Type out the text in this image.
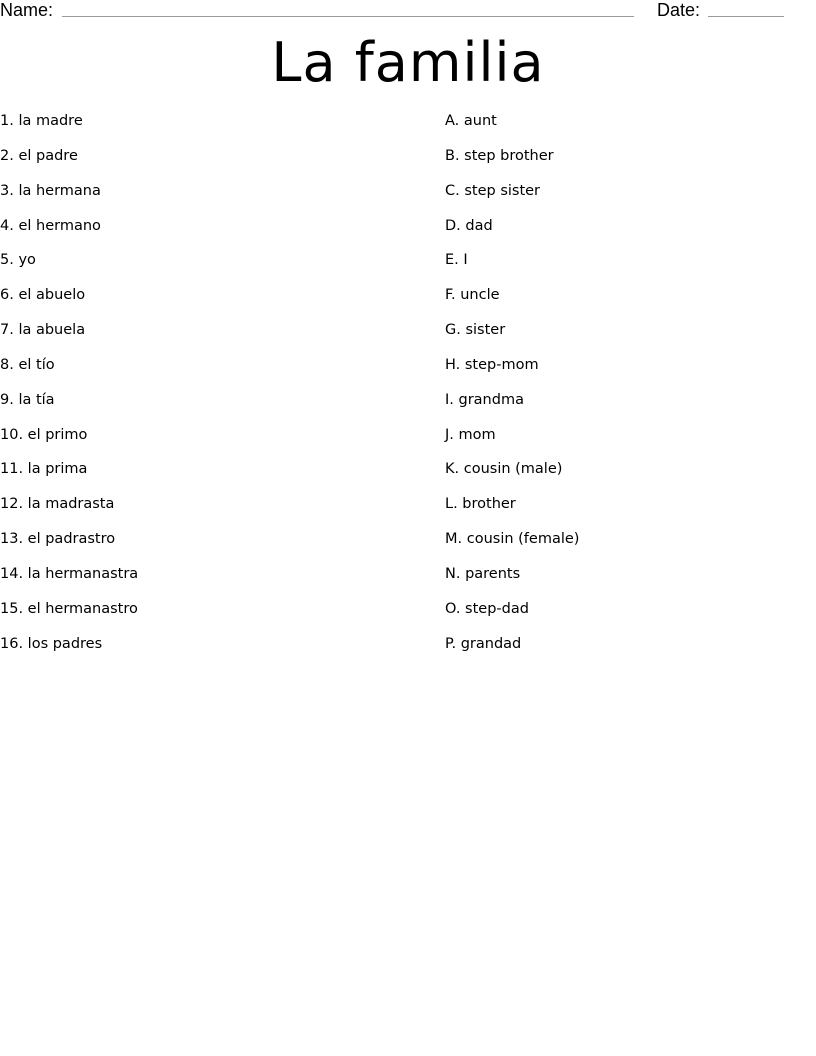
Name:	Date:
La familia
1. la madre
2. el padre
3. la hermana
4. el hermano
5. yo
6. el abuelo
7. la abuela
8. el tío
9. la tía
10. el primo
11. la prima
12. la madrasta
13. el padrastro
14. la hermanastra
15. el hermanastro
16. los padres
A. aunt
B. step brother
C. step sister
D. dad
E. I
F. uncle
G. sister
H. step-mom
I. grandma
J. mom
K. cousin (male)
L. brother
M. cousin (female)
N. parents
O. step-dad
P. grandad
